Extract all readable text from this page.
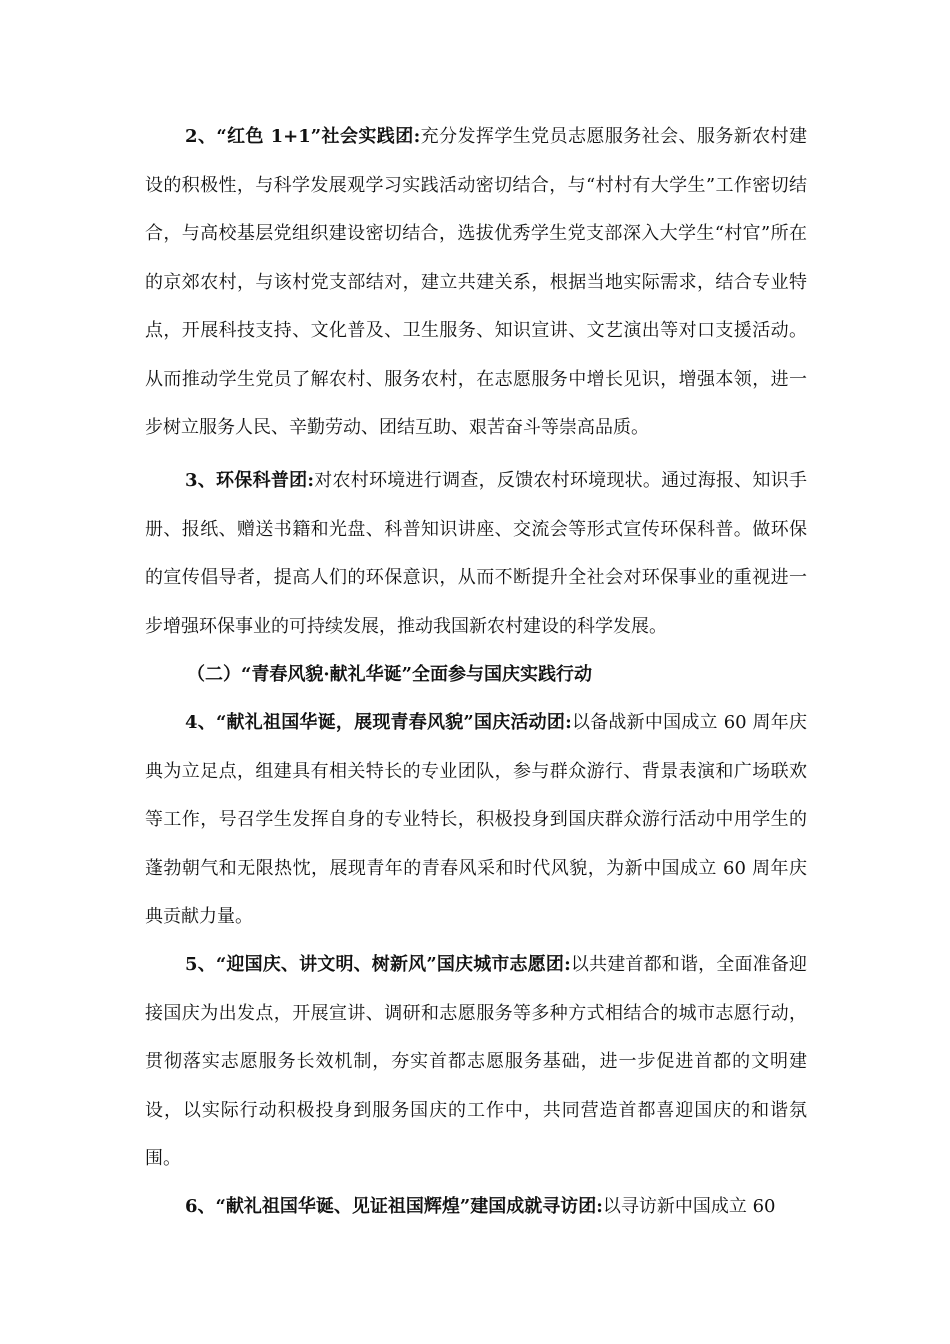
2、“红色 1+1”社会实践团:充分发挥学生党员志愿服务社会、服务新农村建设的积极性，与科学发展观学习实践活动密切结合，与“村村有大学生”工作密切结合，与高校基层党组织建设密切结合，选拔优秀学生党支部深入大学生“村官”所在的京郊农村，与该村党支部结对，建立共建关系，根据当地实际需求，结合专业特点，开展科技支持、文化普及、卫生服务、知识宣讲、文艺演出等对口支援活动。从而推动学生党员了解农村、服务农村，在志愿服务中增长见识，增强本领，进一步树立服务人民、辛勤劳动、团结互助、艰苦奋斗等崇高品质。

3、环保科普团:对农村环境进行调查，反馈农村环境现状。通过海报、知识手册、报纸、赠送书籍和光盘、科普知识讲座、交流会等形式宣传环保科普。做环保的宣传倡导者，提高人们的环保意识，从而不断提升全社会对环保事业的重视进一步增强环保事业的可持续发展，推动我国新农村建设的科学发展。

（二）“青春风貌·献礼华诞”全面参与国庆实践行动

4、“献礼祖国华诞，展现青春风貌”国庆活动团:以备战新中国成立 60 周年庆典为立足点，组建具有相关特长的专业团队，参与群众游行、背景表演和广场联欢等工作，号召学生发挥自身的专业特长，积极投身到国庆群众游行活动中用学生的蓬勃朝气和无限热忱，展现青年的青春风采和时代风貌，为新中国成立 60 周年庆典贡献力量。

5、“迎国庆、讲文明、树新风”国庆城市志愿团:以共建首都和谐，全面准备迎接国庆为出发点，开展宣讲、调研和志愿服务等多种方式相结合的城市志愿行动，贯彻落实志愿服务长效机制，夯实首都志愿服务基础，进一步促进首都的文明建设，以实际行动积极投身到服务国庆的工作中，共同营造首都喜迎国庆的和谐氛围。

6、“献礼祖国华诞、见证祖国辉煌”建国成就寻访团:以寻访新中国成立 60
